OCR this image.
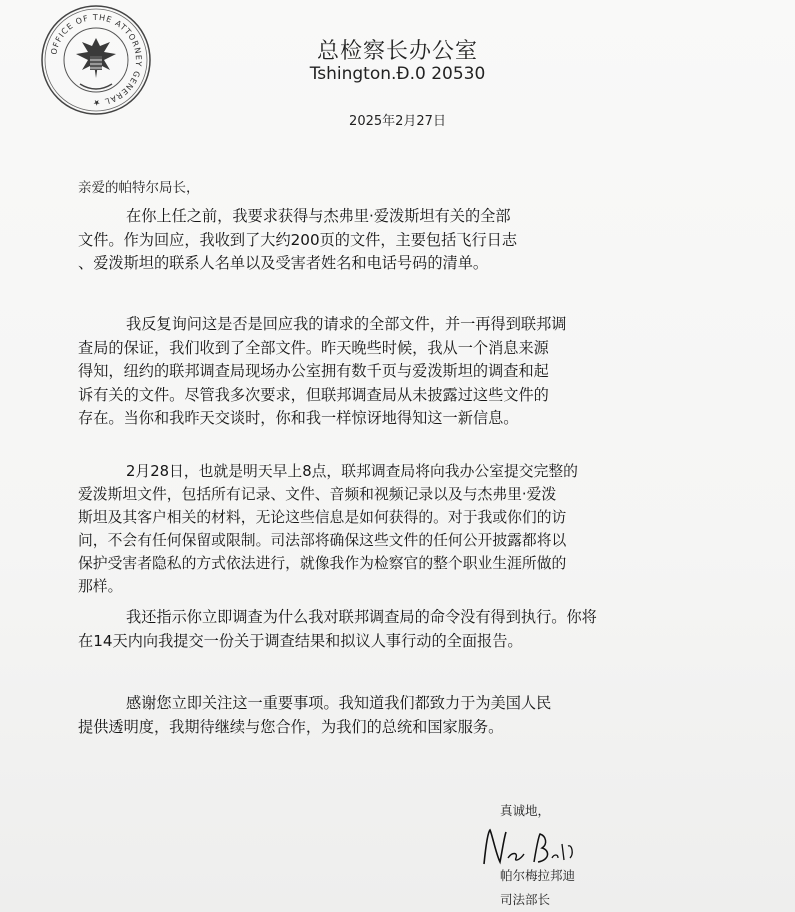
OFFICE OF THE ATTORNEY GENERAL ★
总检察长办公室
Tshington.Đ.0 20530
2025年2月27日
亲爱的帕特尔局长，
在你上任之前，我要求获得与杰弗里·爱泼斯坦有关的全部
文件。作为回应，我收到了大约200页的文件，主要包括飞行日志
、爱泼斯坦的联系人名单以及受害者姓名和电话号码的清单。
我反复询问这是否是回应我的请求的全部文件，并一再得到联邦调
查局的保证，我们收到了全部文件。昨天晚些时候，我从一个消息来源
得知，纽约的联邦调查局现场办公室拥有数千页与爱泼斯坦的调查和起
诉有关的文件。尽管我多次要求，但联邦调查局从未披露过这些文件的
存在。当你和我昨天交谈时，你和我一样惊讶地得知这一新信息。
2月28日，也就是明天早上8点，联邦调查局将向我办公室提交完整的
爱泼斯坦文件，包括所有记录、文件、音频和视频记录以及与杰弗里·爱泼
斯坦及其客户相关的材料，无论这些信息是如何获得的。对于我或你们的访
问，不会有任何保留或限制。司法部将确保这些文件的任何公开披露都将以
保护受害者隐私的方式依法进行，就像我作为检察官的整个职业生涯所做的
那样。
我还指示你立即调查为什么我对联邦调查局的命令没有得到执行。你将
在14天内向我提交一份关于调查结果和拟议人事行动的全面报告。
感谢您立即关注这一重要事项。我知道我们都致力于为美国人民
提供透明度，我期待继续与您合作，为我们的总统和国家服务。
真诚地，
帕尔梅拉邦迪
司法部长
